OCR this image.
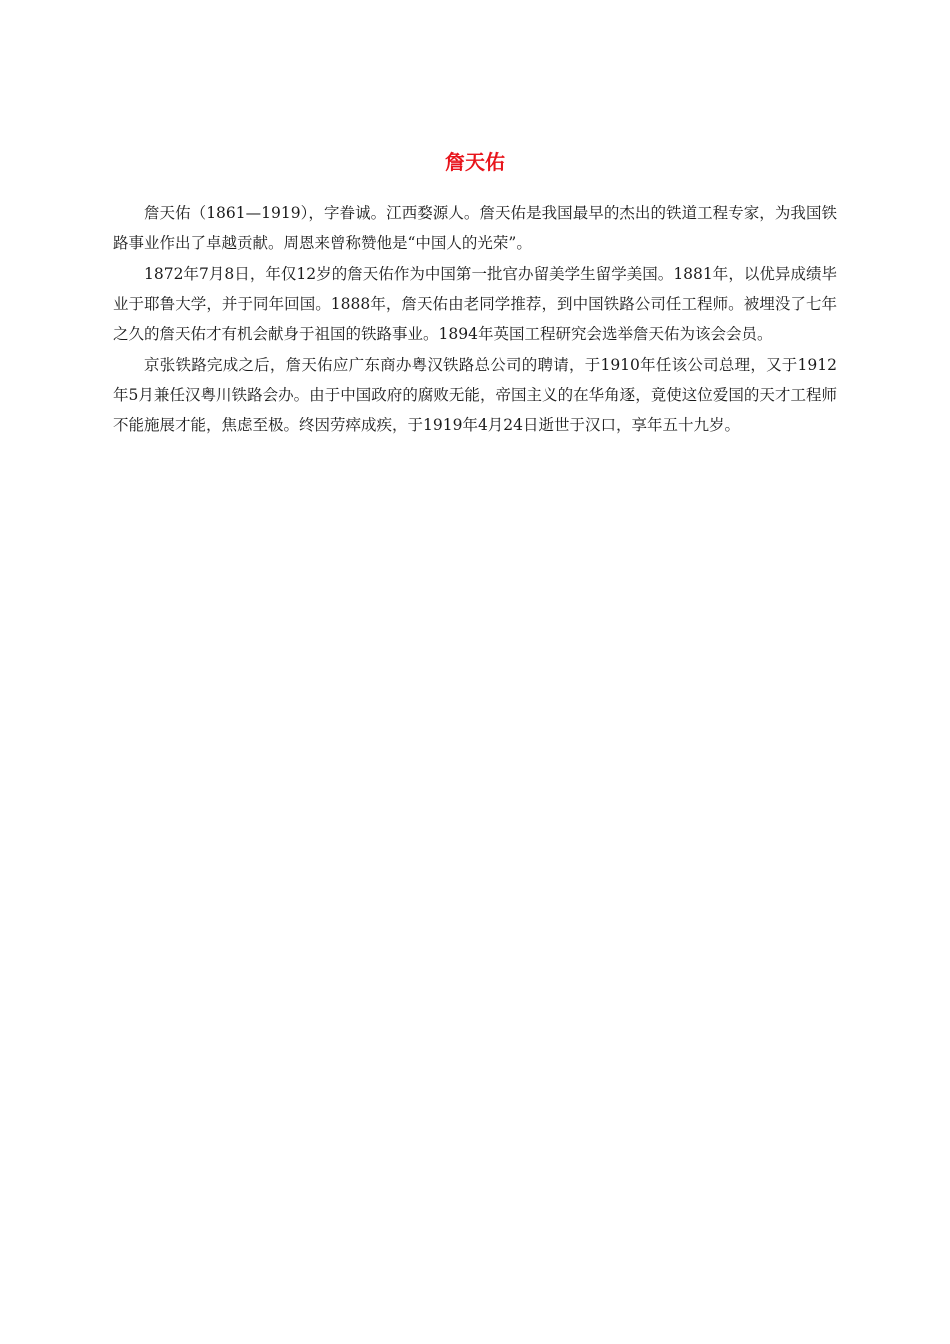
詹天佑

詹天佑（1861—1919），字眷诚。江西婺源人。詹天佑是我国最早的杰出的铁道工程专家，为我国铁路事业作出了卓越贡献。周恩来曾称赞他是“中国人的光荣”。

1872年7月8日，年仅12岁的詹天佑作为中国第一批官办留美学生留学美国。1881年，以优异成绩毕业于耶鲁大学，并于同年回国。1888年，詹天佑由老同学推荐，到中国铁路公司任工程师。被埋没了七年之久的詹天佑才有机会献身于祖国的铁路事业。1894年英国工程研究会选举詹天佑为该会会员。

京张铁路完成之后，詹天佑应广东商办粤汉铁路总公司的聘请，于1910年任该公司总理，又于1912年5月兼任汉粤川铁路会办。由于中国政府的腐败无能，帝国主义的在华角逐，竟使这位爱国的天才工程师不能施展才能，焦虑至极。终因劳瘁成疾，于1919年4月24日逝世于汉口，享年五十九岁。
